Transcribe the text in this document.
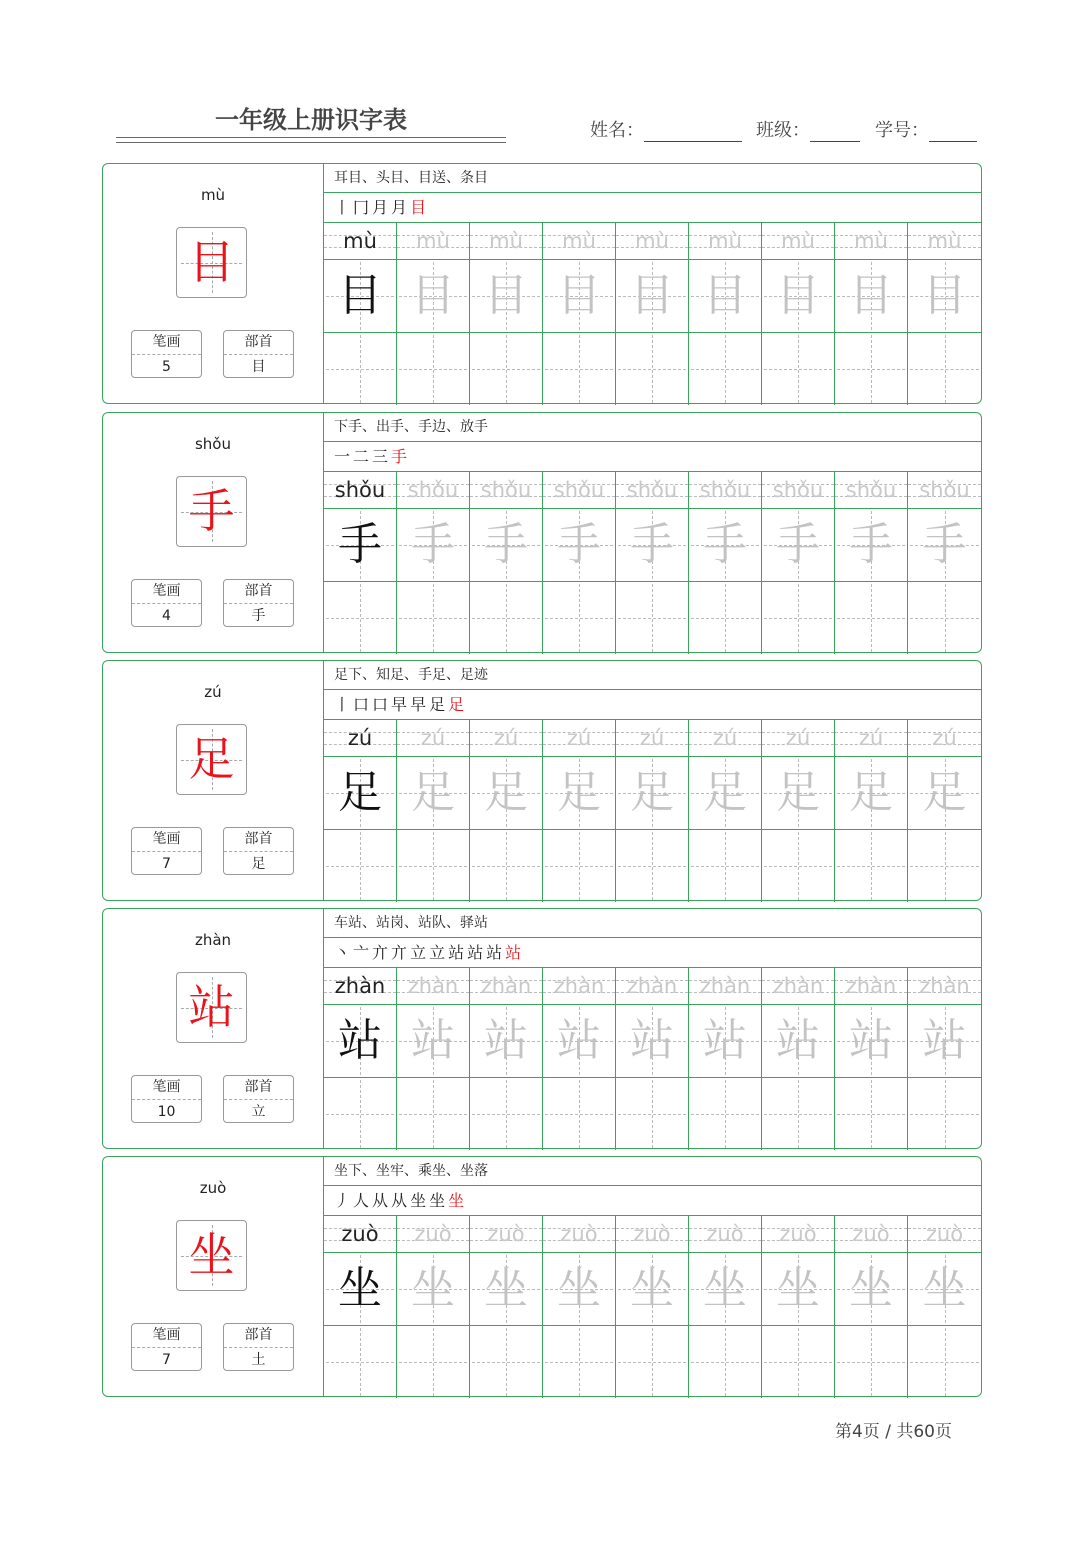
一年级上册识字表	姓名：	班级：	学号：
mù
目
笔画
5
部首
目
耳目、头目、目送、条目
丨冂月月目
mù	mù	mù	mù	mù	mù	mù	mù	mù
目 目 目 目 目 目 目 目 目
shǒu
手
笔画
4
部首
手
下手、出手、手边、放手
一二三手
shǒu	shǒu	shǒu	shǒu	shǒu	shǒu	shǒu	shǒu	shǒu
手 手 手 手 手 手 手 手 手
zú
足
笔画
7
部首
足
足下、知足、手足、足迹
丨口口早早足足
zú	zú	zú	zú	zú	zú	zú	zú	zú
足 足 足 足 足 足 足 足 足
zhàn
站
笔画
10
部首
立
车站、站岗、站队、驿站
丶亠亣亣立立站站站站
zhàn	zhàn	zhàn	zhàn	zhàn	zhàn	zhàn	zhàn	zhàn
站 站 站 站 站 站 站 站 站
zuò
坐
笔画
7
部首
土
坐下、坐牢、乘坐、坐落
丿人从从坐坐坐
zuò	zuò	zuò	zuò	zuò	zuò	zuò	zuò	zuò
坐 坐 坐 坐 坐 坐 坐 坐 坐
第4页 / 共60页
